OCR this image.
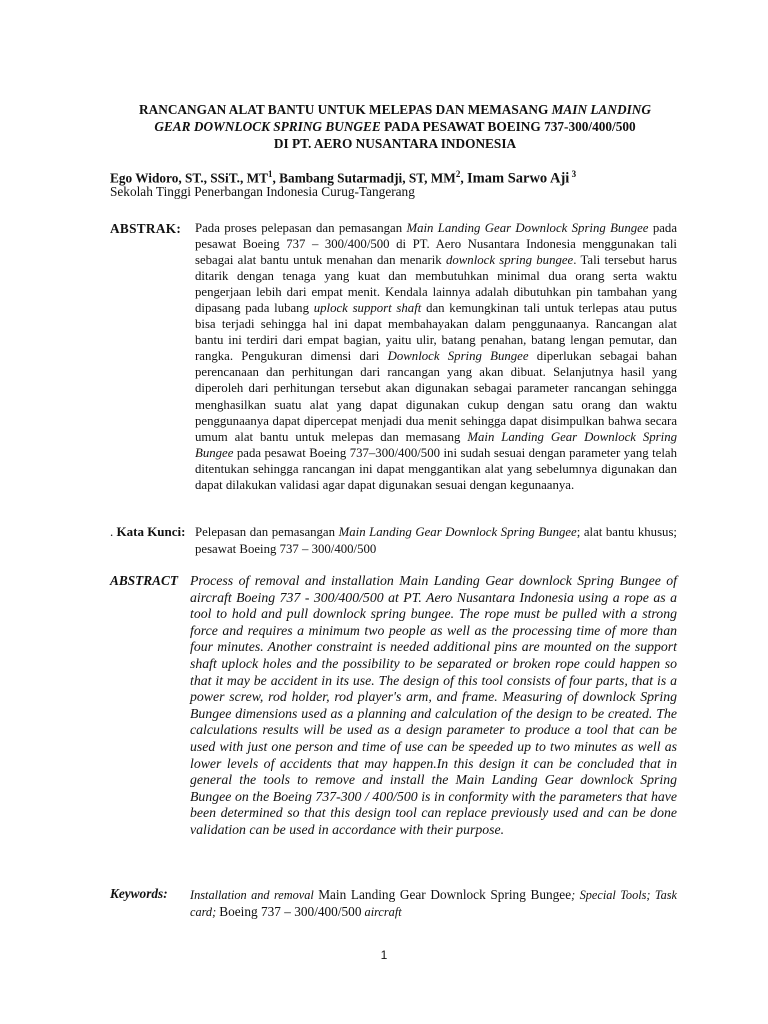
RANCANGAN ALAT BANTU UNTUK MELEPAS DAN MEMASANG MAIN LANDING
GEAR DOWNLOCK SPRING BUNGEE PADA PESAWAT BOEING 737-300/400/500
DI PT. AERO NUSANTARA INDONESIA
Ego Widoro, ST., SSiT., $MT^1$, Bambang Sutarmadji, ST, $MM^2$, Imam Sarwo Aji $^3$
Sekolah Tinggi Penerbangan Indonesia Curug-Tangerang
ABSTRAK: Pada proses pelepasan dan pemasangan Main Landing Gear Downlock Spring Bungee pada pesawat Boeing 737 – 300/400/500 di PT. Aero Nusantara Indonesia menggunakan tali sebagai alat bantu untuk menahan dan menarik downlock spring bungee. Tali tersebut harus ditarik dengan tenaga yang kuat dan membutuhkan minimal dua orang serta waktu pengerjaan lebih dari empat menit. Kendala lainnya adalah dibutuhkan pin tambahan yang dipasang pada lubang uplock support shaft dan kemungkinan tali untuk terlepas atau putus bisa terjadi sehingga hal ini dapat membahayakan dalam penggunaanya. Rancangan alat bantu ini terdiri dari empat bagian, yaitu ulir, batang penahan, batang lengan pemutar, dan rangka. Pengukuran dimensi dari Downlock Spring Bungee diperlukan sebagai bahan perencanaan dan perhitungan dari rancangan yang akan dibuat. Selanjutnya hasil yang diperoleh dari perhitungan tersebut akan digunakan sebagai parameter rancangan sehingga menghasilkan suatu alat yang dapat digunakan cukup dengan satu orang dan waktu penggunaanya dapat dipercepat menjadi dua menit sehingga dapat disimpulkan bahwa secara umum alat bantu untuk melepas dan memasang Main Landing Gear Downlock Spring Bungee pada pesawat Boeing 737–300/400/500 ini sudah sesuai dengan parameter yang telah ditentukan sehingga rancangan ini dapat menggantikan alat yang sebelumnya digunakan dan dapat dilakukan validasi agar dapat digunakan sesuai dengan kegunaanya.
. Kata Kunci: Pelepasan dan pemasangan Main Landing Gear Downlock Spring Bungee; alat bantu khusus; pesawat Boeing 737 – 300/400/500
ABSTRACT Process of removal and installation Main Landing Gear downlock Spring Bungee of aircraft Boeing 737 - 300/400/500 at PT. Aero Nusantara Indonesia using a rope as a tool to hold and pull downlock spring bungee. The rope must be pulled with a strong force and requires a minimum two people as well as the processing time of more than four minutes. Another constraint is needed additional pins are mounted on the support shaft uplock holes and the possibility to be separated or broken rope could happen so that it may be accident in its use. The design of this tool consists of four parts, that is a power screw, rod holder, rod player's arm, and frame. Measuring of downlock Spring Bungee dimensions used as a planning and calculation of the design to be created. The calculations results will be used as a design parameter to produce a tool that can be used with just one person and time of use can be speeded up to two minutes as well as lower levels of accidents that may happen.In this design it can be concluded that in general the tools to remove and install the Main Landing Gear downlock Spring Bungee on the Boeing 737-300 / 400/500 is in conformity with the parameters that have been determined so that this design tool can replace previously used and can be done validation can be used in accordance with their purpose.
Keywords: Installation and removal Main Landing Gear Downlock Spring Bungee; Special Tools; Task card; Boeing 737 – 300/400/500 aircraft
1
